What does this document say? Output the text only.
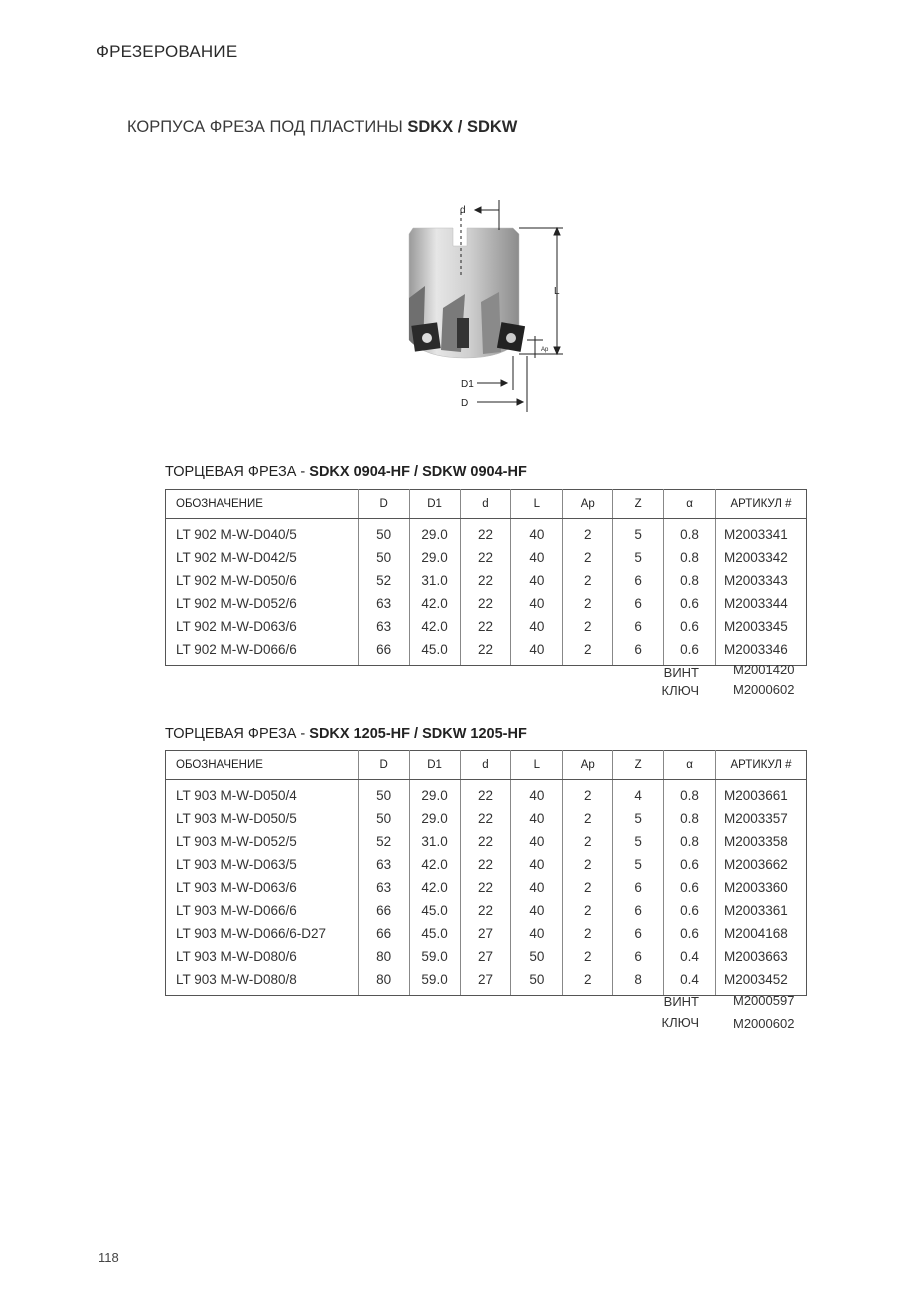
ФРЕЗЕРОВАНИЕ
КОРПУСА ФРЕЗА ПОД ПЛАСТИНЫ SDKX / SDKW
d
L
Ap
D1
D
ТОРЦЕВАЯ ФРЕЗА - SDKX 0904-HF / SDKW 0904-HF
ОБОЗНАЧЕНИЕ	D	D1	d	L	Ap	Z	α	АРТИКУЛ #
LT 902 M-W-D040/5	50	29.0	22	40	2	5	0.8	M2003341
LT 902 M-W-D042/5	50	29.0	22	40	2	5	0.8	M2003342
LT 902 M-W-D050/6	52	31.0	22	40	2	6	0.8	M2003343
LT 902 M-W-D052/6	63	42.0	22	40	2	6	0.6	M2003344
LT 902 M-W-D063/6	63	42.0	22	40	2	6	0.6	M2003345
LT 902 M-W-D066/6	66	45.0	22	40	2	6	0.6	M2003346
ВИНТ	M2001420
КЛЮЧ	M2000602
ТОРЦЕВАЯ ФРЕЗА - SDKX 1205-HF / SDKW 1205-HF
ОБОЗНАЧЕНИЕ	D	D1	d	L	Ap	Z	α	АРТИКУЛ #
LT 903 M-W-D050/4	50	29.0	22	40	2	4	0.8	M2003661
LT 903 M-W-D050/5	50	29.0	22	40	2	5	0.8	M2003357
LT 903 M-W-D052/5	52	31.0	22	40	2	5	0.8	M2003358
LT 903 M-W-D063/5	63	42.0	22	40	2	5	0.6	M2003662
LT 903 M-W-D063/6	63	42.0	22	40	2	6	0.6	M2003360
LT 903 M-W-D066/6	66	45.0	22	40	2	6	0.6	M2003361
LT 903 M-W-D066/6-D27	66	45.0	27	40	2	6	0.6	M2004168
LT 903 M-W-D080/6	80	59.0	27	50	2	6	0.4	M2003663
LT 903 M-W-D080/8	80	59.0	27	50	2	8	0.4	M2003452
ВИНТ	M2000597
КЛЮЧ	M2000602
118
